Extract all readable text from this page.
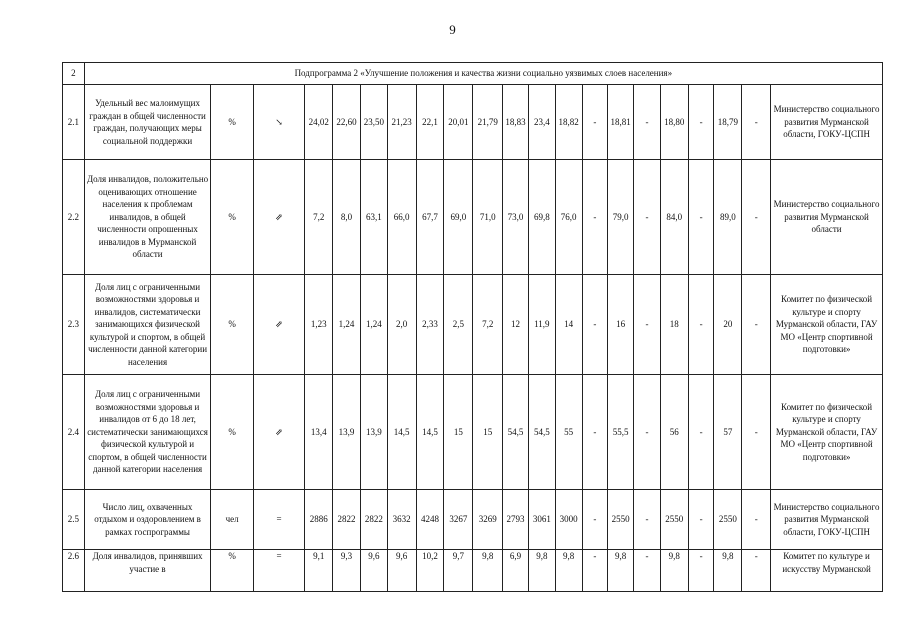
9
2	Подпрограмма 2 «Улучшение положения и качества жизни социально уязвимых слоев населения»																				
2.1	Удельный вес малоимущих граждан в общей численности граждан, получающих меры социальной поддержки	%	↘	24,02	22,60	23,50	21,23	22,1	20,01	21,79	18,83	23,4	18,82	-	18,81	-	18,80	-	18,79	-	Министерство социального развития Мурманской области, ГОКУ-ЦСПН
2.2	Доля инвалидов, положительно оценивающих отношение населения к проблемам инвалидов, в общей численности опрошенных инвалидов в Мурманской области	%	⇗	7,2	8,0	63,1	66,0	67,7	69,0	71,0	73,0	69,8	76,0	-	79,0	-	84,0	-	89,0	-	Министерство социального развития Мурманской области
2.3	Доля лиц с ограниченными возможностями здоровья и инвалидов, систематически занимающихся физической культурой и спортом, в общей численности данной категории населения	%	⇗	1,23	1,24	1,24	2,0	2,33	2,5	7,2	12	11,9	14	-	16	-	18	-	20	-	Комитет по физической культуре и спорту Мурманской области, ГАУ МО «Центр спортивной подготовки»
2.4	Доля лиц с ограниченными возможностями здоровья и инвалидов от 6 до 18 лет, систематически занимающихся физической культурой и спортом, в общей численности данной категории населения	%	⇗	13,4	13,9	13,9	14,5	14,5	15	15	54,5	54,5	55	-	55,5	-	56	-	57	-	Комитет по физической культуре и спорту Мурманской области, ГАУ МО «Центр спортивной подготовки»
2.5	Число лиц, охваченных отдыхом и оздоровлением в рамках госпрограммы	чел	=	2886	2822	2822	3632	4248	3267	3269	2793	3061	3000	-	2550	-	2550	-	2550	-	Министерство социального развития Мурманской области, ГОКУ-ЦСПН
2.6	Доля инвалидов, принявших участие в	%	=	9,1	9,3	9,6	9,6	10,2	9,7	9,8	6,9	9,8	9,8	-	9,8	-	9,8	-	9,8	-	Комитет по культуре и искусству Мурманской
